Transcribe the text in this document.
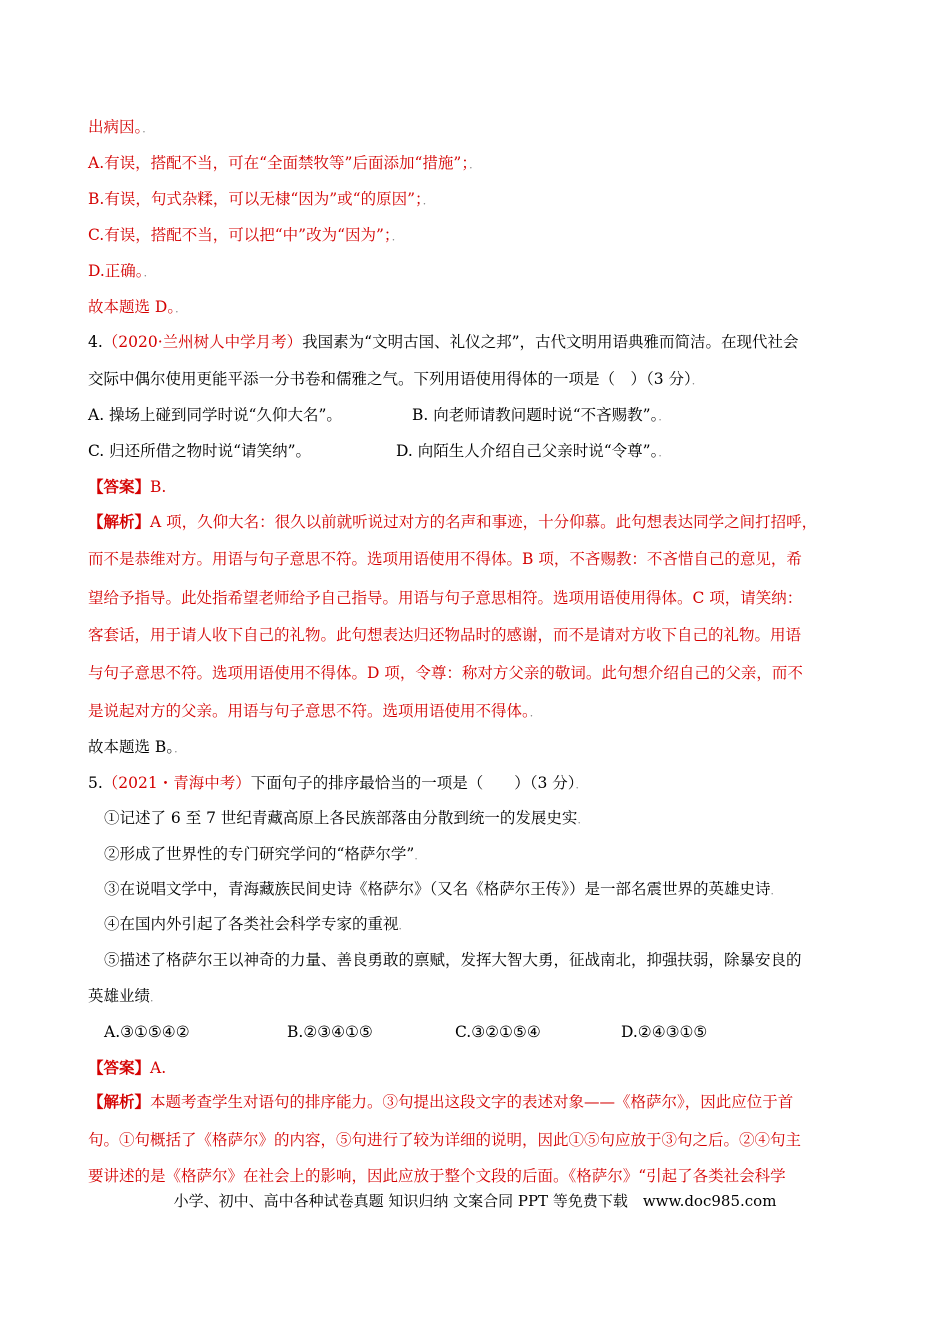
出病因。．
A.有误，搭配不当，可在“全面禁牧等”后面添加“措施”；．
B.有误，句式杂糅，可以无棣“因为”或“的原因”；．
C.有误，搭配不当，可以把“中”改为“因为”；．
D.正确。．
故本题选 D。．
4.（2020·兰州树人中学月考）我国素为“文明古国、礼仪之邦”，古代文明用语典雅而简洁。在现代社会
交际中偶尔使用更能平添一分书卷和儒雅之气。下列用语使用得体的一项是（　）（3 分）．
A. 操场上碰到同学时说“久仰大名”。	B. 向老师请教问题时说“不吝赐教”。．
C. 归还所借之物时说“请笑纳”。	D. 向陌生人介绍自己父亲时说“令尊”。．
【答案】B.
【解析】A 项，久仰大名：很久以前就听说过对方的名声和事迹，十分仰慕。此句想表达同学之间打招呼，
而不是恭维对方。用语与句子意思不符。选项用语使用不得体。B 项，不吝赐教：不吝惜自己的意见，希
望给予指导。此处指希望老师给予自己指导。用语与句子意思相符。选项用语使用得体。C 项，请笑纳：
客套话，用于请人收下自己的礼物。此句想表达归还物品时的感谢，而不是请对方收下自己的礼物。用语
与句子意思不符。选项用语使用不得体。D 项，令尊：称对方父亲的敬词。此句想介绍自己的父亲，而不
是说起对方的父亲。用语与句子意思不符。选项用语使用不得体。．
故本题选 B。．
5.（2021・青海中考）下面句子的排序最恰当的一项是（　　）（3 分）．
①记述了 6 至 7 世纪青藏高原上各民族部落由分散到统一的发展史实．
②形成了世界性的专门研究学问的“格萨尔学”．
③在说唱文学中，青海藏族民间史诗《格萨尔》（又名《格萨尔王传》）是一部名震世界的英雄史诗．
④在国内外引起了各类社会科学专家的重视．
⑤描述了格萨尔王以神奇的力量、善良勇敢的禀赋，发挥大智大勇，征战南北，抑强扶弱，除暴安良的
英雄业绩．
A.③①⑤④②	B.②③④①⑤	C.③②①⑤④	D.②④③①⑤
【答案】A.
【解析】本题考查学生对语句的排序能力。③句提出这段文字的表述对象——《格萨尔》，因此应位于首
句。①句概括了《格萨尔》的内容，⑤句进行了较为详细的说明，因此①⑤句应放于③句之后。②④句主
要讲述的是《格萨尔》在社会上的影响，因此应放于整个文段的后面。《格萨尔》“引起了各类社会科学
小学、初中、高中各种试卷真题 知识归纳 文案合同 PPT 等免费下载　www.doc985.com
